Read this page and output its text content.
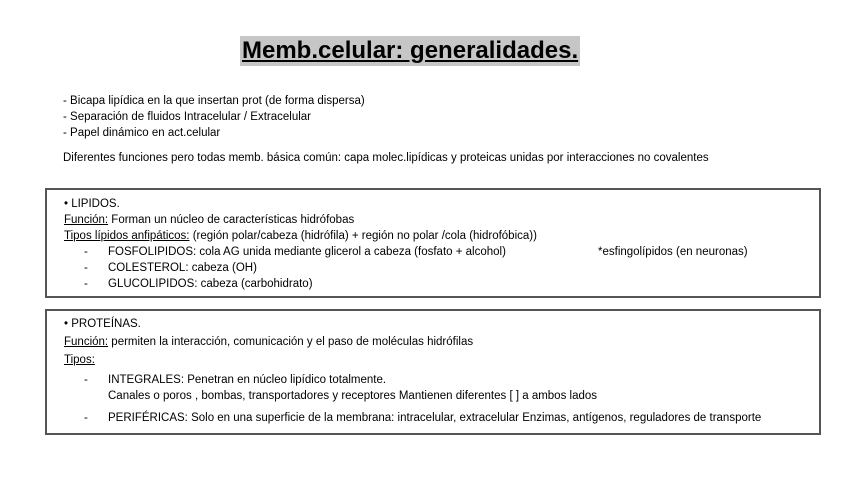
Memb.celular: generalidades.
- Bicapa lipídica en la que insertan prot (de forma dispersa)
- Separación de fluidos Intracelular / Extracelular
- Papel dinámico en act.celular
Diferentes funciones pero todas memb. básica común: capa molec.lipídicas y proteicas unidas por interacciones no covalentes
• LIPIDOS.
Función: Forman un núcleo de características hidrófobas
Tipos lípidos anfipáticos: (región polar/cabeza (hidrófila) + región no polar /cola (hidrofóbica))
- FOSFOLIPIDOS: cola AG unida mediante glicerol a cabeza (fosfato + alcohol)	*esfingolípidos (en neuronas)
- COLESTEROL: cabeza (OH)
- GLUCOLIPIDOS: cabeza (carbohidrato)
• PROTEÍNAS.
Función: permiten la interacción, comunicación y el paso de moléculas hidrófilas
Tipos:
- INTEGRALES: Penetran en núcleo lipídico totalmente.
Canales o poros , bombas, transportadores y receptores Mantienen diferentes [ ] a ambos lados
- PERIFÉRICAS: Solo en una superficie de la membrana: intracelular, extracelular Enzimas, antígenos, reguladores de transporte
